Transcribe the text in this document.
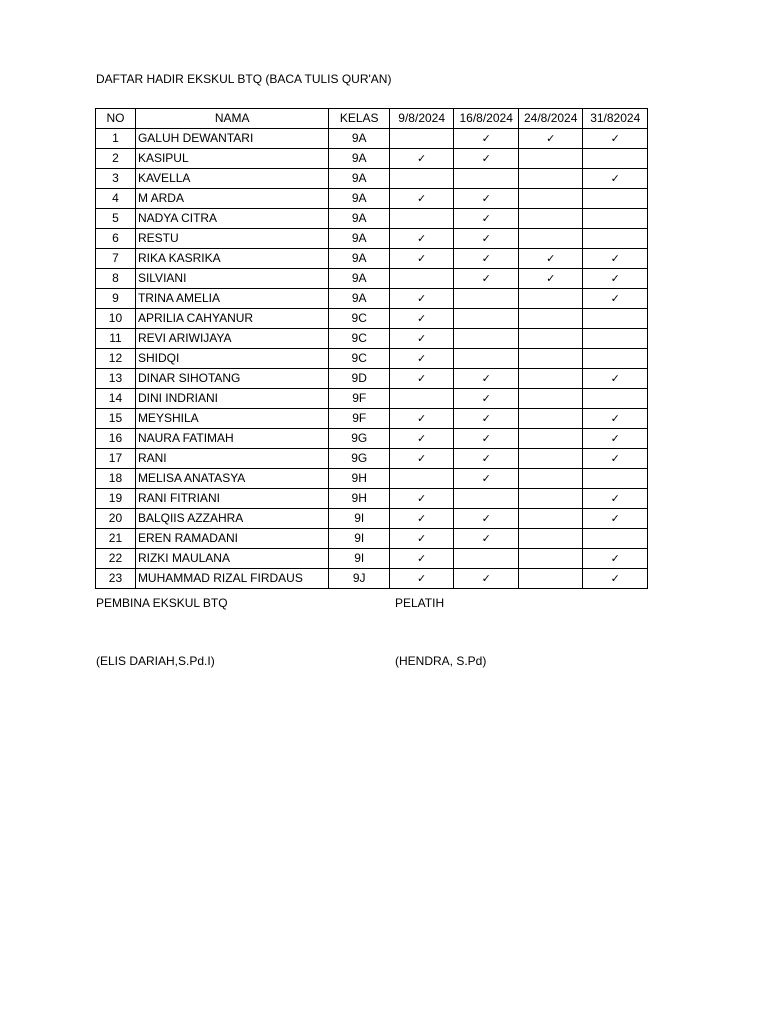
DAFTAR HADIR EKSKUL BTQ (BACA TULIS QUR'AN)
NO	NAMA	KELAS	9/8/2024	16/8/2024	24/8/2024	31/82024
1	GALUH DEWANTARI	9A		✓	✓	✓
2	KASIPUL	9A	✓	✓		
3	KAVELLA	9A				✓
4	M ARDA	9A	✓	✓		
5	NADYA CITRA	9A		✓		
6	RESTU	9A	✓	✓		
7	RIKA KASRIKA	9A	✓	✓	✓	✓
8	SILVIANI	9A		✓	✓	✓
9	TRINA AMELIA	9A	✓			✓
10	APRILIA CAHYANUR	9C	✓			
11	REVI ARIWIJAYA	9C	✓			
12	SHIDQI	9C	✓			
13	DINAR SIHOTANG	9D	✓	✓		✓
14	DINI INDRIANI	9F		✓		
15	MEYSHILA	9F	✓	✓		✓
16	NAURA FATIMAH	9G	✓	✓		✓
17	RANI	9G	✓	✓		✓
18	MELISA ANATASYA	9H		✓		
19	RANI FITRIANI	9H	✓			✓
20	BALQIIS AZZAHRA	9I	✓	✓		✓
21	EREN RAMADANI	9I	✓	✓		
22	RIZKI MAULANA	9I	✓			✓
23	MUHAMMAD RIZAL FIRDAUS	9J	✓	✓		✓
PEMBINA EKSKUL BTQ	PELATIH
(ELIS DARIAH,S.Pd.I)	(HENDRA, S.Pd)
